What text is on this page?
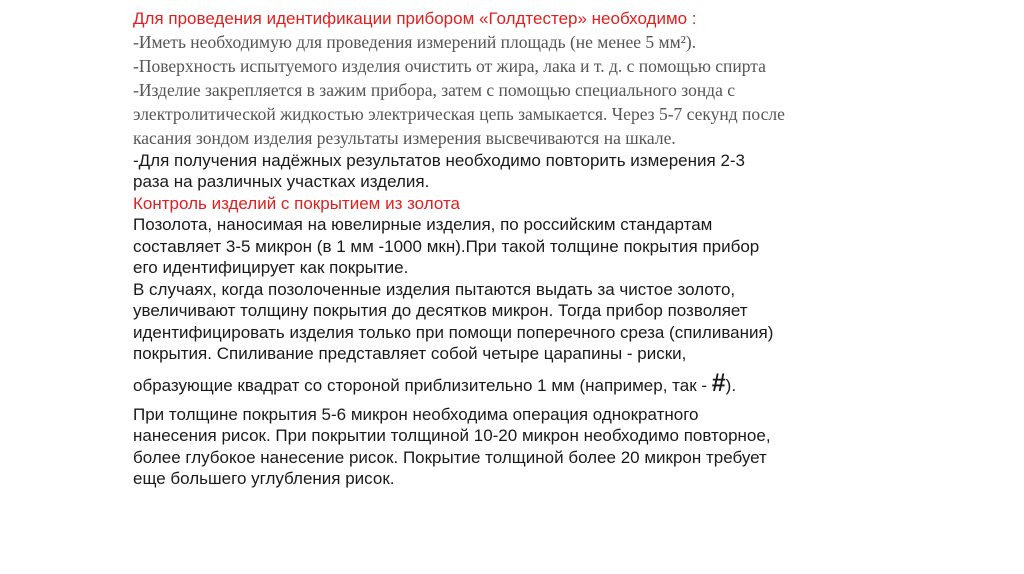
Для проведения идентификации прибором «Голдтестер» необходимо :
-Иметь необходимую для проведения измерений площадь (не менее 5 мм²).
-Поверхность испытуемого изделия очистить от жира, лака и т. д. с помощью спирта
-Изделие закрепляется в зажим прибора, затем с помощью специального зонда с
электролитической жидкостью электрическая цепь замыкается. Через 5-7 секунд после
касания зондом изделия результаты измерения высвечиваются на шкале.
-Для получения надёжных результатов необходимо повторить измерения 2-3
раза на различных участках изделия.
Контроль изделий с покрытием из золота
Позолота, наносимая на ювелирные изделия, по российским стандартам
составляет 3-5 микрон (в 1 мм -1000 мкн).При такой толщине покрытия прибор
его идентифицирует как покрытие.
В случаях, когда позолоченные изделия пытаются выдать за чистое золото,
увеличивают толщину покрытия до десятков микрон. Тогда прибор позволяет
идентифицировать изделия только при помощи поперечного среза (спиливания)
покрытия. Спиливание представляет собой четыре царапины - риски,
образующие квадрат со стороной приблизительно 1 мм (например, так - #).
При толщине покрытия 5-6 микрон необходима операция однократного
нанесения рисок. При покрытии толщиной 10-20 микрон необходимо повторное,
более глубокое нанесение рисок. Покрытие толщиной более 20 микрон требует
еще большего углубления рисок.
